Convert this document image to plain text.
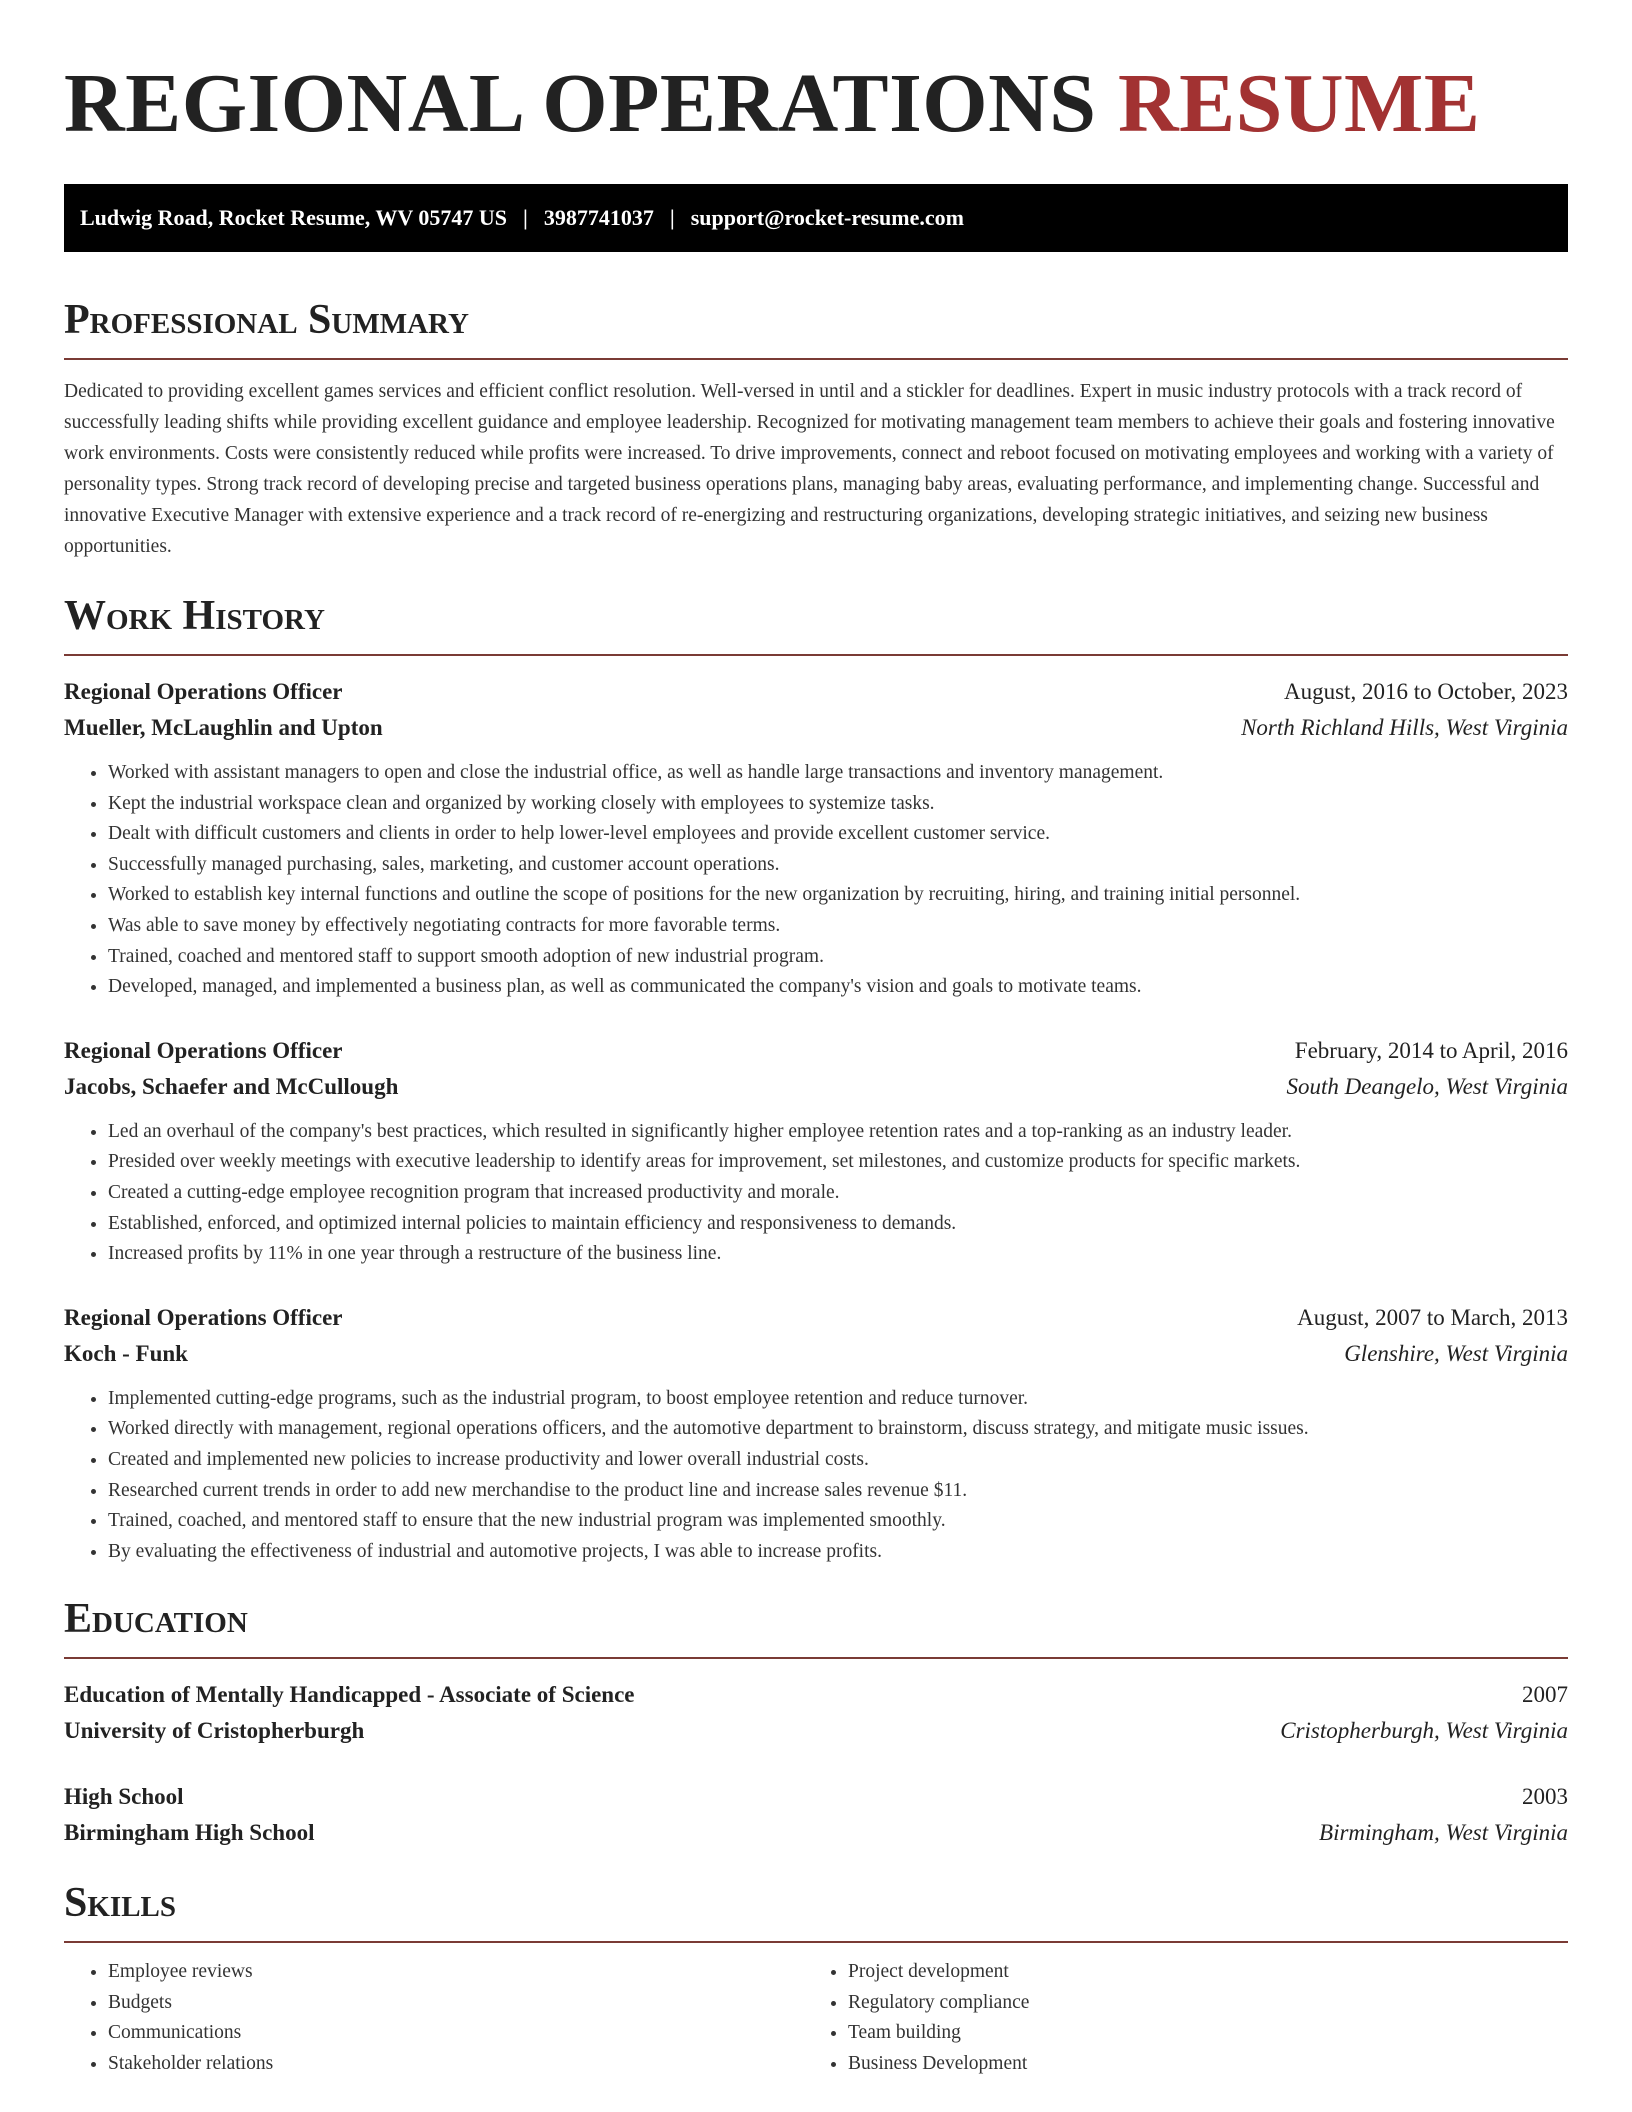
REGIONAL OPERATIONS RESUME
Ludwig Road, Rocket Resume, WV 05747 US | 3987741037 | support@rocket-resume.com
Professional Summary

Dedicated to providing excellent games services and efficient conflict resolution. Well-versed in until and a stickler for deadlines. Expert in music industry protocols with a track record of successfully leading shifts while providing excellent guidance and employee leadership. Recognized for motivating management team members to achieve their goals and fostering innovative work environments. Costs were consistently reduced while profits were increased. To drive improvements, connect and reboot focused on motivating employees and working with a variety of personality types. Strong track record of developing precise and targeted business operations plans, managing baby areas, evaluating performance, and implementing change. Successful and innovative Executive Manager with extensive experience and a track record of re-energizing and restructuring organizations, developing strategic initiatives, and seizing new business opportunities.

Work History
Regional Operations Officer	August, 2016 to October, 2023
Mueller, McLaughlin and Upton	North Richland Hills, West Virginia
• Worked with assistant managers to open and close the industrial office, as well as handle large transactions and inventory management.
• Kept the industrial workspace clean and organized by working closely with employees to systemize tasks.
• Dealt with difficult customers and clients in order to help lower-level employees and provide excellent customer service.
• Successfully managed purchasing, sales, marketing, and customer account operations.
• Worked to establish key internal functions and outline the scope of positions for the new organization by recruiting, hiring, and training initial personnel.
• Was able to save money by effectively negotiating contracts for more favorable terms.
• Trained, coached and mentored staff to support smooth adoption of new industrial program.
• Developed, managed, and implemented a business plan, as well as communicated the company's vision and goals to motivate teams.
Regional Operations Officer	February, 2014 to April, 2016
Jacobs, Schaefer and McCullough	South Deangelo, West Virginia
• Led an overhaul of the company's best practices, which resulted in significantly higher employee retention rates and a top-ranking as an industry leader.
• Presided over weekly meetings with executive leadership to identify areas for improvement, set milestones, and customize products for specific markets.
• Created a cutting-edge employee recognition program that increased productivity and morale.
• Established, enforced, and optimized internal policies to maintain efficiency and responsiveness to demands.
• Increased profits by 11% in one year through a restructure of the business line.
Regional Operations Officer	August, 2007 to March, 2013
Koch - Funk	Glenshire, West Virginia
• Implemented cutting-edge programs, such as the industrial program, to boost employee retention and reduce turnover.
• Worked directly with management, regional operations officers, and the automotive department to brainstorm, discuss strategy, and mitigate music issues.
• Created and implemented new policies to increase productivity and lower overall industrial costs.
• Researched current trends in order to add new merchandise to the product line and increase sales revenue $11.
• Trained, coached, and mentored staff to ensure that the new industrial program was implemented smoothly.
• By evaluating the effectiveness of industrial and automotive projects, I was able to increase profits.
Education
Education of Mentally Handicapped - Associate of Science	2007
University of Cristopherburgh	Cristopherburgh, West Virginia
High School	2003
Birmingham High School	Birmingham, West Virginia
Skills
• Employee reviews
• Budgets
• Communications
• Stakeholder relations
• Project development
• Regulatory compliance
• Team building
• Business Development
